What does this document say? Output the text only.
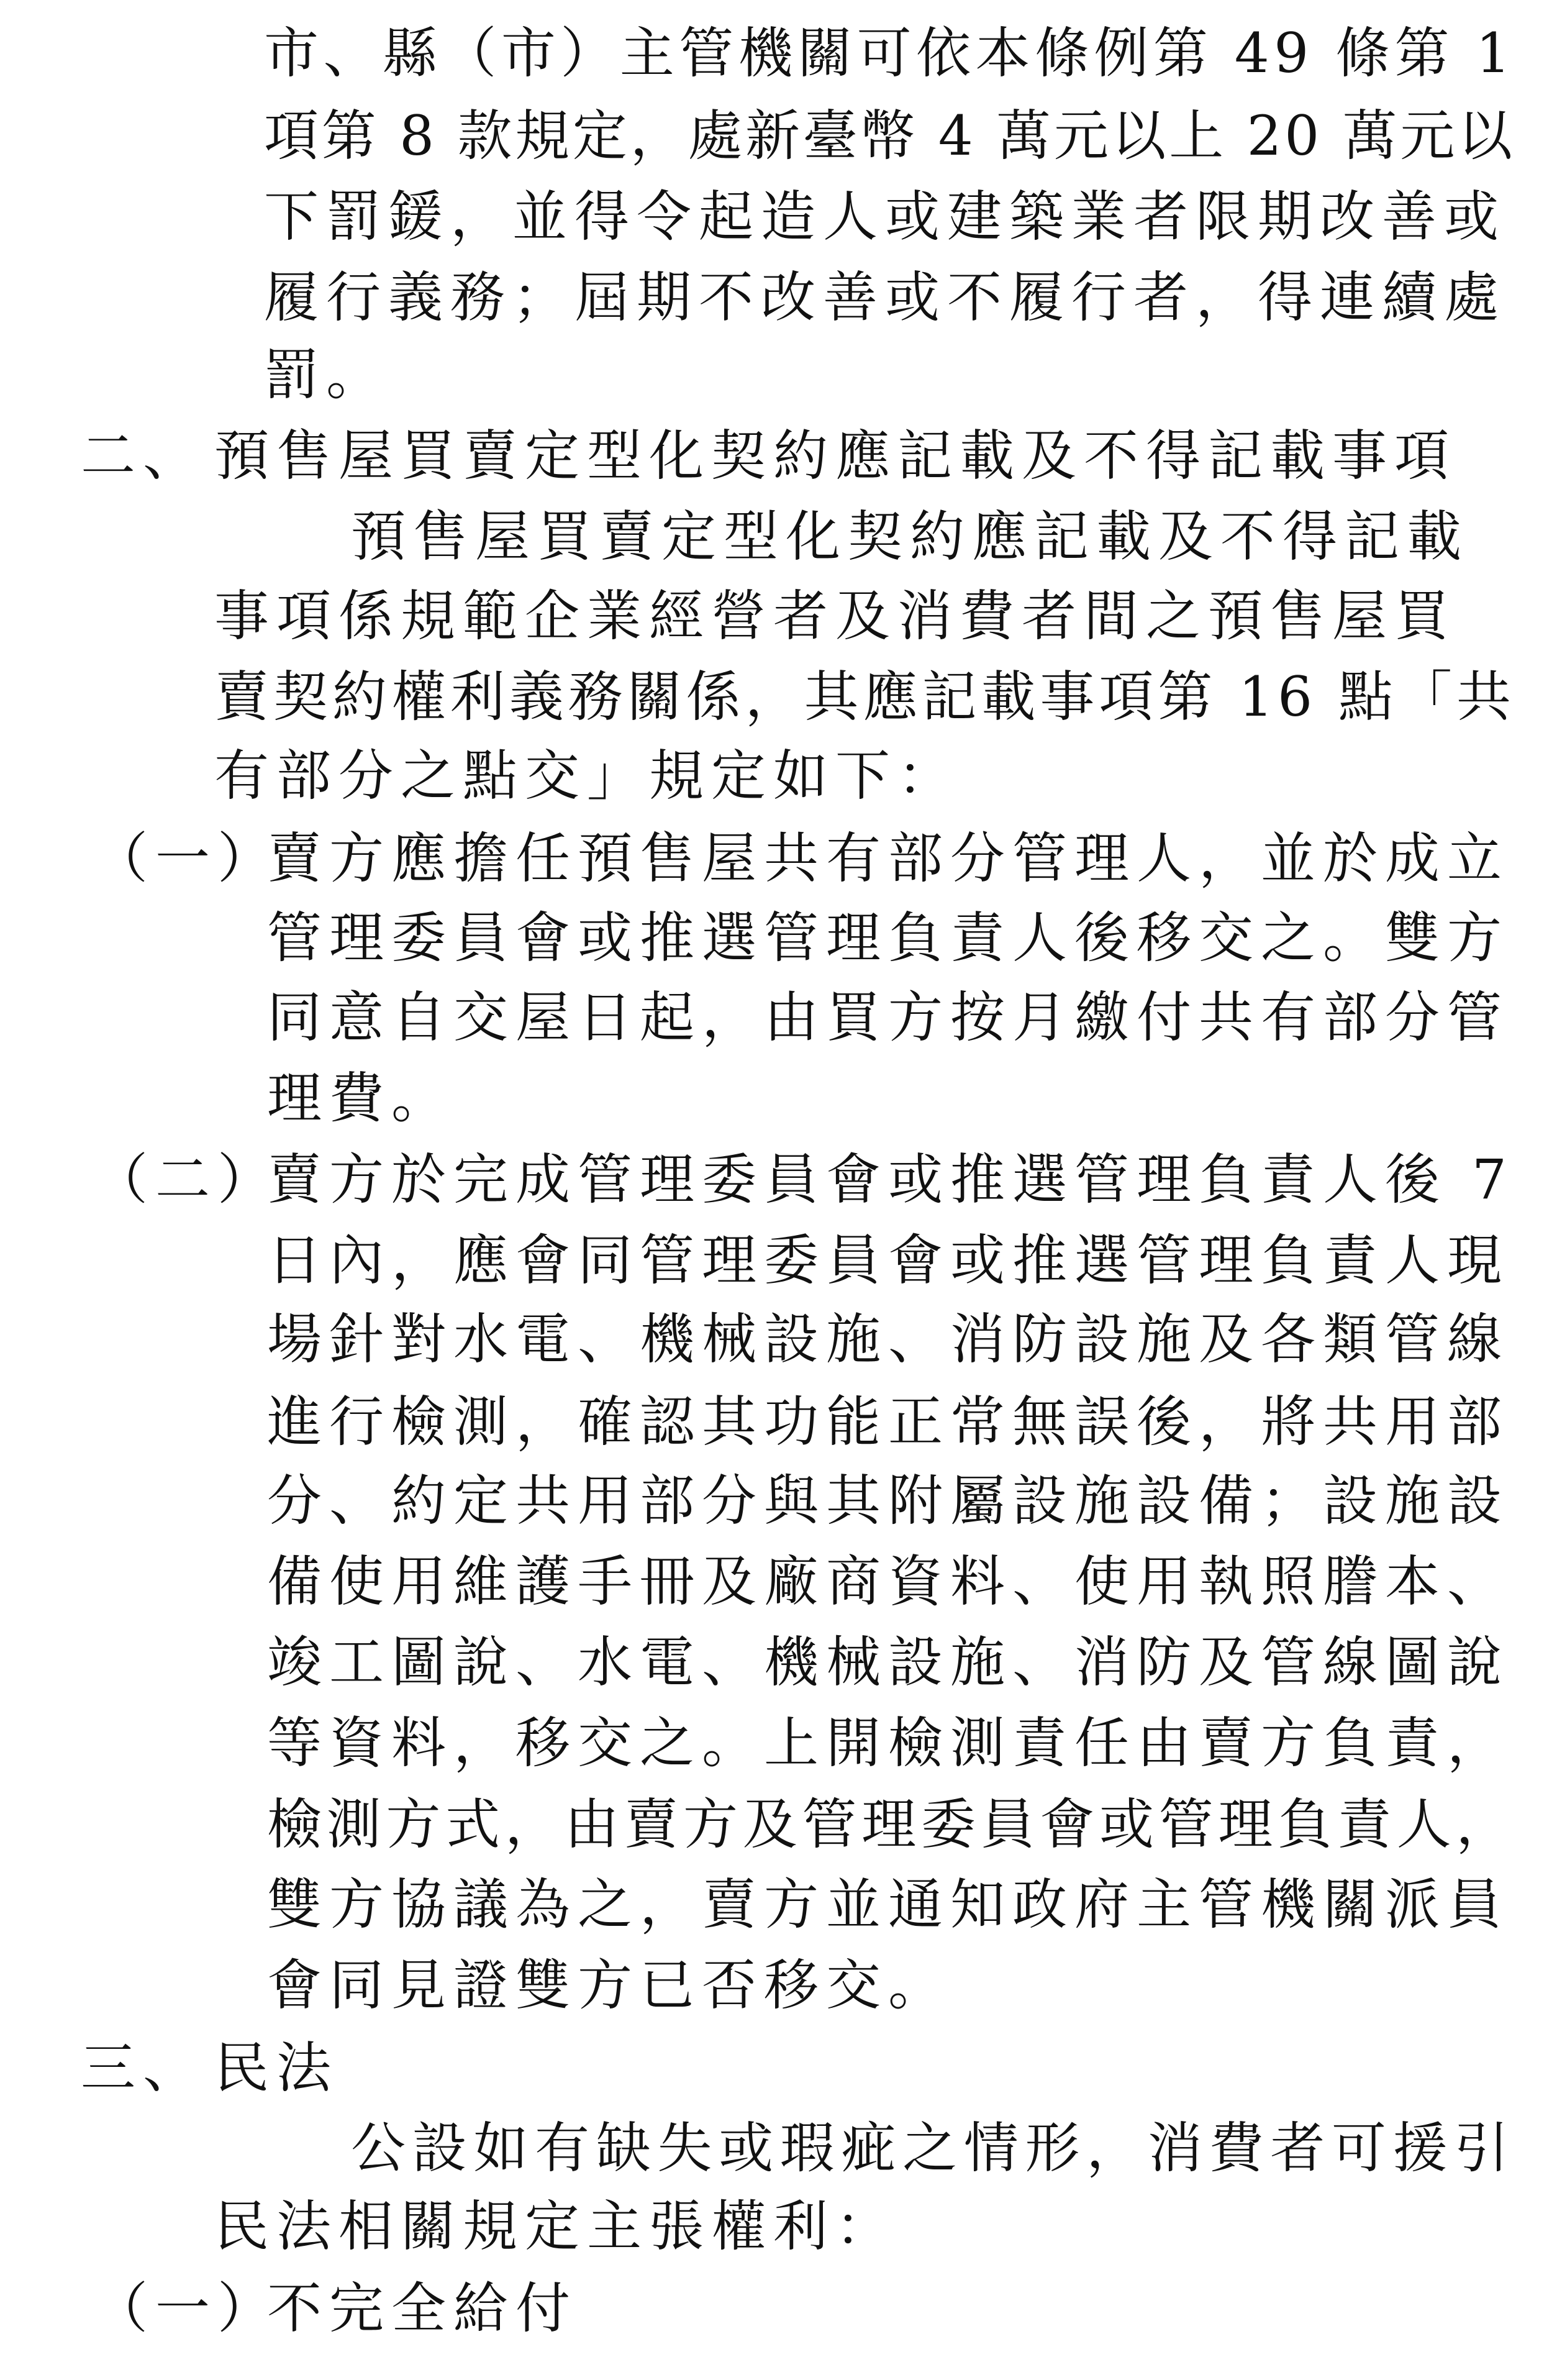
市、縣（市）主管機關可依本條例第 49 條第 1
項第 8 款規定，處新臺幣 4 萬元以上 20 萬元以
下罰鍰，並得令起造人或建築業者限期改善或
履行義務；屆期不改善或不履行者，得連續處
罰。
二、 預售屋買賣定型化契約應記載及不得記載事項
預售屋買賣定型化契約應記載及不得記載
事項係規範企業經營者及消費者間之預售屋買
賣契約權利義務關係，其應記載事項第 16 點「共
有部分之點交」規定如下：
（一）
賣方應擔任預售屋共有部分管理人，並於成立
管理委員會或推選管理負責人後移交之。雙方
同意自交屋日起，由買方按月繳付共有部分管
理費。
（二）
賣方於完成管理委員會或推選管理負責人後 7
日內，應會同管理委員會或推選管理負責人現
場針對水電、機械設施、消防設施及各類管線
進行檢測，確認其功能正常無誤後，將共用部
分、約定共用部分與其附屬設施設備；設施設
備使用維護手冊及廠商資料、使用執照謄本、
竣工圖說、水電、機械設施、消防及管線圖說
等資料，移交之。上開檢測責任由賣方負責，
檢測方式，由賣方及管理委員會或管理負責人，
雙方協議為之，賣方並通知政府主管機關派員
會同見證雙方已否移交。
三、 民法
公設如有缺失或瑕疵之情形，消費者可援引
民法相關規定主張權利：
（一）
不完全給付
